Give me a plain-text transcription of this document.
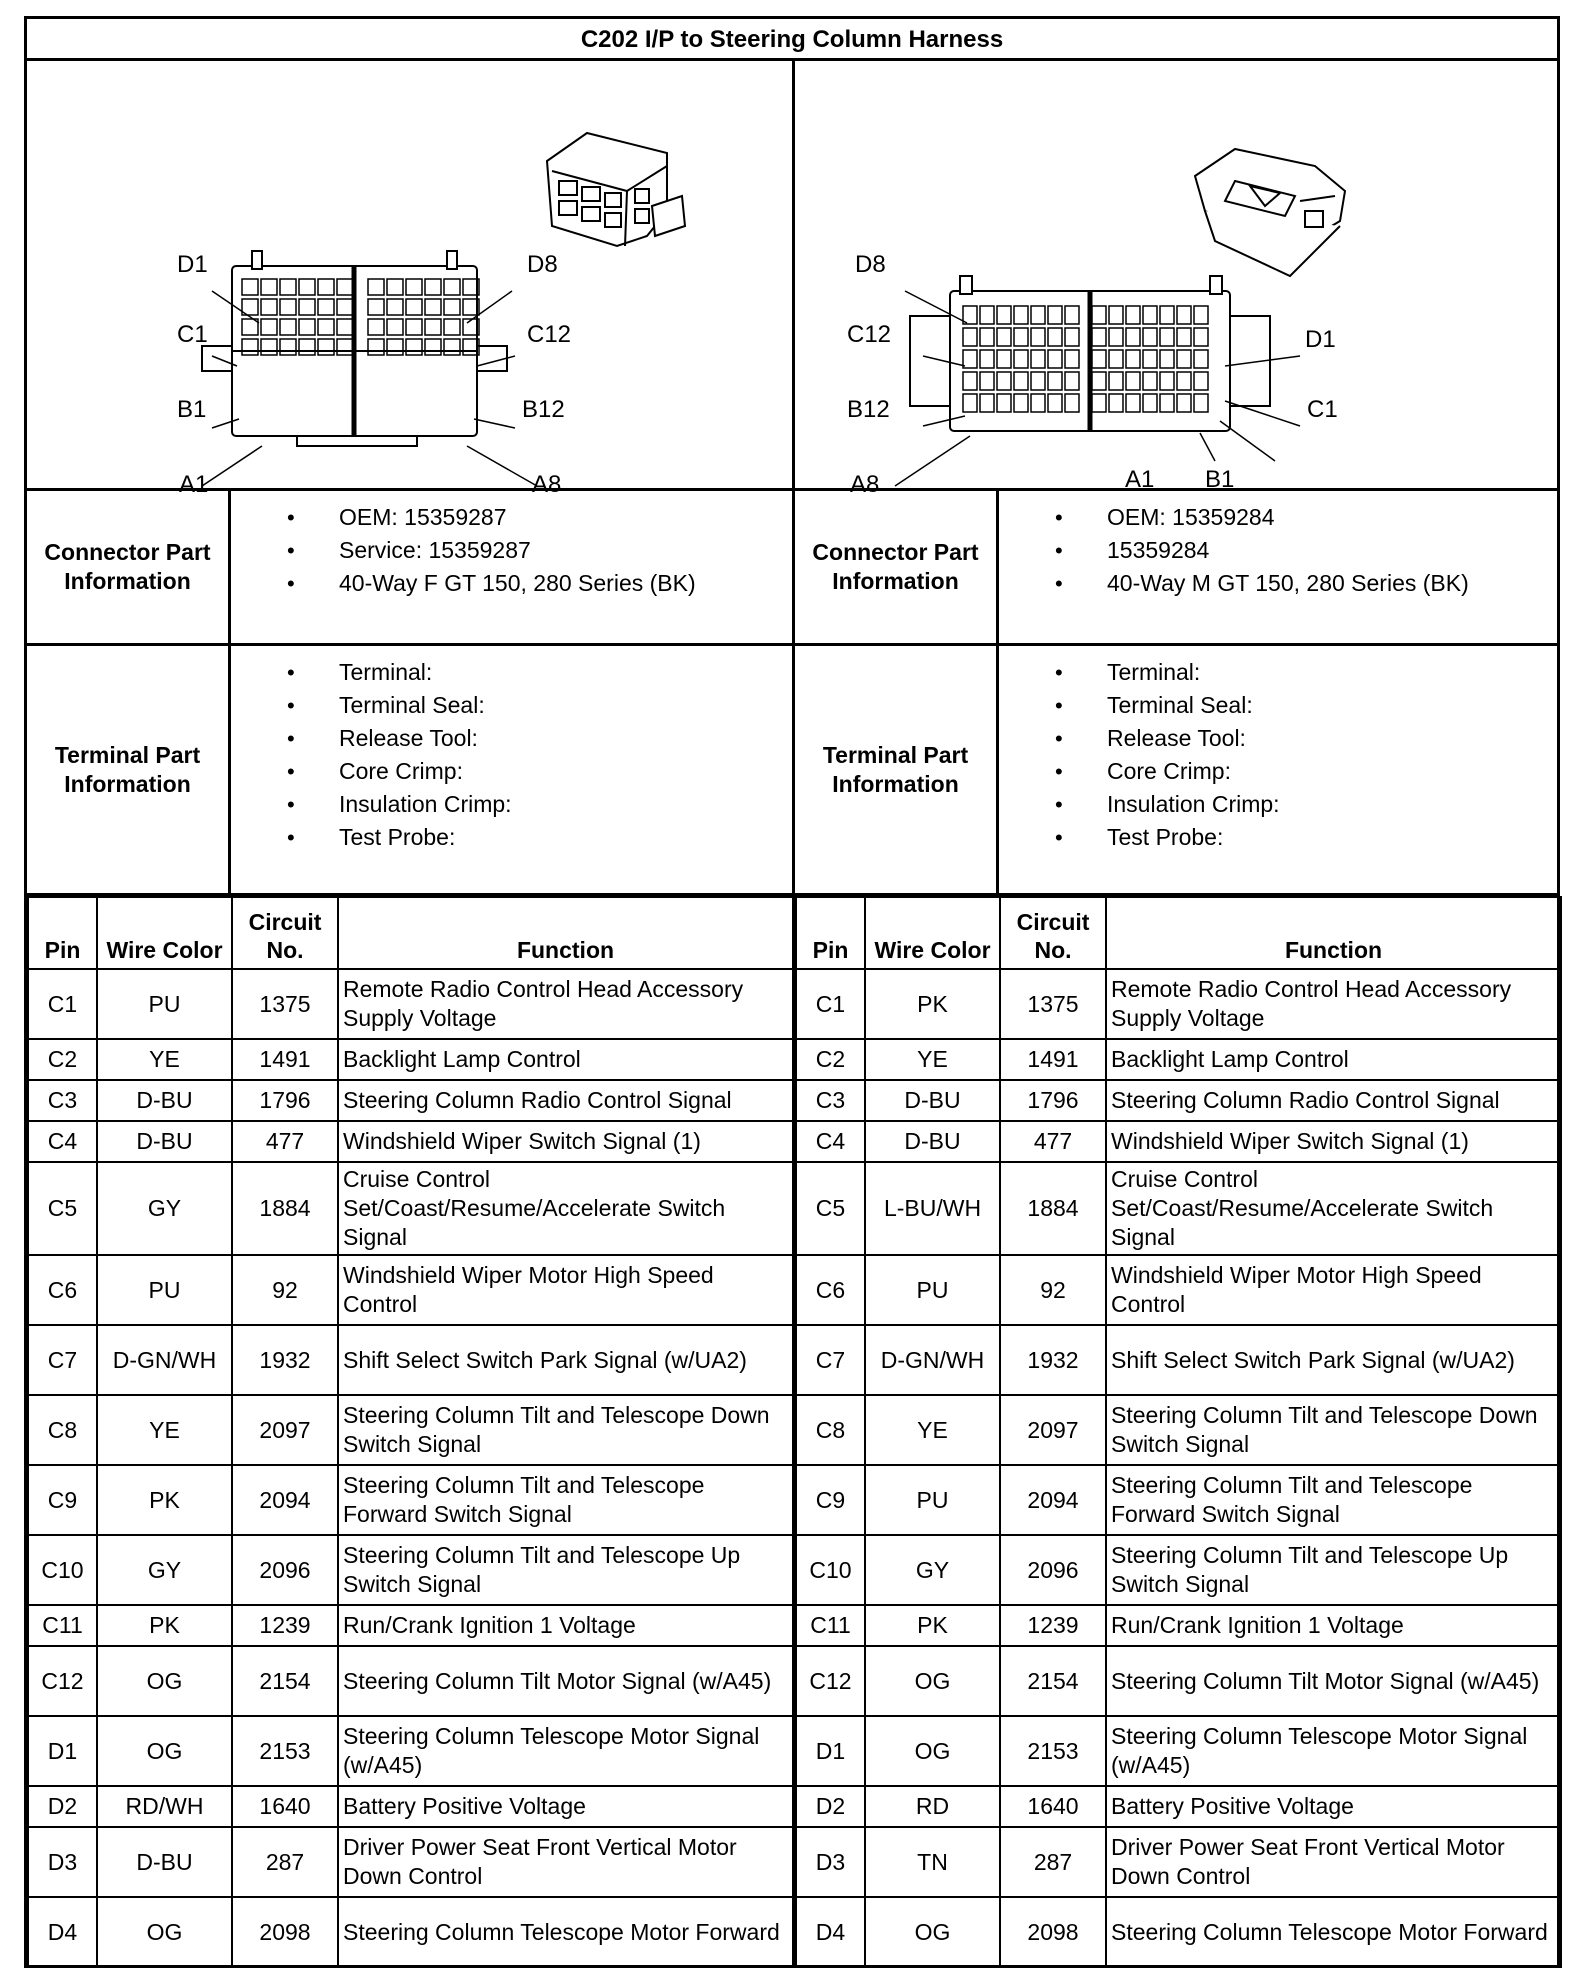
C202 I/P to Steering Column Harness
D1	D8
C1	C12
B1	B12
A1	A8
Connector Part Information
• OEM: 15359287
• Service: 15359287
• 40-Way F GT 150, 280 Series (BK)
Terminal Part Information
• Terminal:
• Terminal Seal:
• Release Tool:
• Core Crimp:
• Insulation Crimp:
• Test Probe:
Pin	Wire Color	Circuit No.	Function
C1	PU	1375	Remote Radio Control Head Accessory Supply Voltage
C2	YE	1491	Backlight Lamp Control
C3	D-BU	1796	Steering Column Radio Control Signal
C4	D-BU	477	Windshield Wiper Switch Signal (1)
C5	GY	1884	Cruise Control Set/Coast/Resume/Accelerate Switch Signal
C6	PU	92	Windshield Wiper Motor High Speed Control
C7	D-GN/WH	1932	Shift Select Switch Park Signal (w/UA2)
C8	YE	2097	Steering Column Tilt and Telescope Down Switch Signal
C9	PK	2094	Steering Column Tilt and Telescope Forward Switch Signal
C10	GY	2096	Steering Column Tilt and Telescope Up Switch Signal
C11	PK	1239	Run/Crank Ignition 1 Voltage
C12	OG	2154	Steering Column Tilt Motor Signal (w/A45)
D1	OG	2153	Steering Column Telescope Motor Signal (w/A45)
D2	RD/WH	1640	Battery Positive Voltage
D3	D-BU	287	Driver Power Seat Front Vertical Motor Down Control
D4	OG	2098	Steering Column Telescope Motor Forward
D8
C12	D1
B12	C1
A8	A1 B1
Connector Part Information
• OEM: 15359284
• 15359284
• 40-Way M GT 150, 280 Series (BK)
Terminal Part Information
• Terminal:
• Terminal Seal:
• Release Tool:
• Core Crimp:
• Insulation Crimp:
• Test Probe:
Pin	Wire Color	Circuit No.	Function
C1	PK	1375	Remote Radio Control Head Accessory Supply Voltage
C2	YE	1491	Backlight Lamp Control
C3	D-BU	1796	Steering Column Radio Control Signal
C4	D-BU	477	Windshield Wiper Switch Signal (1)
C5	L-BU/WH	1884	Cruise Control Set/Coast/Resume/Accelerate Switch Signal
C6	PU	92	Windshield Wiper Motor High Speed Control
C7	D-GN/WH	1932	Shift Select Switch Park Signal (w/UA2)
C8	YE	2097	Steering Column Tilt and Telescope Down Switch Signal
C9	PU	2094	Steering Column Tilt and Telescope Forward Switch Signal
C10	GY	2096	Steering Column Tilt and Telescope Up Switch Signal
C11	PK	1239	Run/Crank Ignition 1 Voltage
C12	OG	2154	Steering Column Tilt Motor Signal (w/A45)
D1	OG	2153	Steering Column Telescope Motor Signal (w/A45)
D2	RD	1640	Battery Positive Voltage
D3	TN	287	Driver Power Seat Front Vertical Motor Down Control
D4	OG	2098	Steering Column Telescope Motor Forward
